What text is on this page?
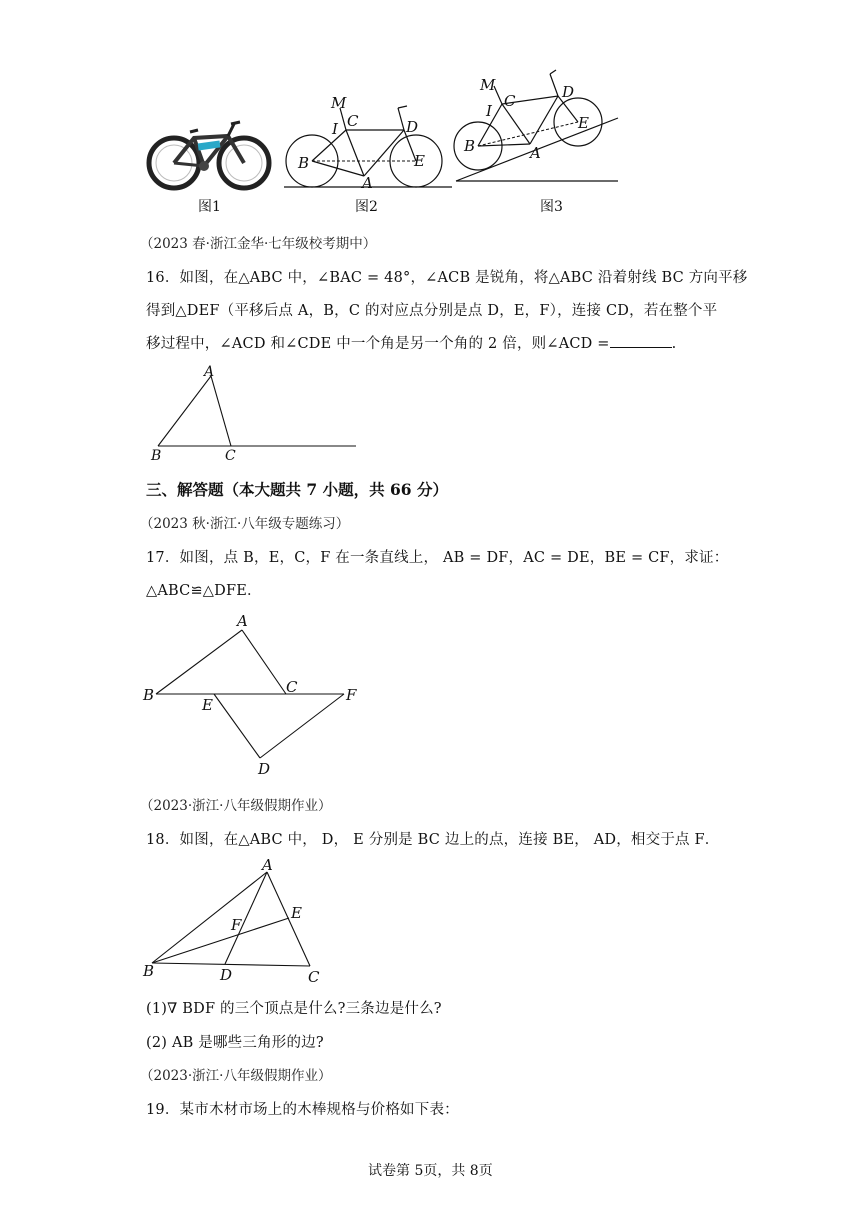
图1
M
I C	D
B	E
A
图2
M
I
C	D
B
E
A
图3
（2023 春·浙江金华·七年级校考期中）
16．如图，在△ABC 中，∠BAC = 48°，∠ACB 是锐角，将△ABC 沿着射线 BC 方向平移
得到△DEF（平移后点 A，B，C 的对应点分别是点 D，E，F），连接 CD，若在整个平
移过程中，∠ACD 和∠CDE 中一个角是另一个角的 2 倍，则∠ACD =	.
A
B	C
三、解答题（本大题共 7 小题，共 66 分）
（2023 秋·浙江·八年级专题练习）
17．如图，点 B，E，C，F 在一条直线上， AB = DF，AC = DE，BE = CF，求证：
△ABC≌△DFE．
A
B	C
D
E
F
（2023·浙江·八年级假期作业）
18．如图，在△ABC 中， D， E 分别是 BC 边上的点，连接 BE， AD，相交于点 F．
A
B	C
D
E
F
(1)∇ BDF 的三个顶点是什么?三条边是什么?
(2) AB 是哪些三角形的边?
（2023·浙江·八年级假期作业）
19．某市木材市场上的木棒规格与价格如下表：
试卷第 5页，共 8页
